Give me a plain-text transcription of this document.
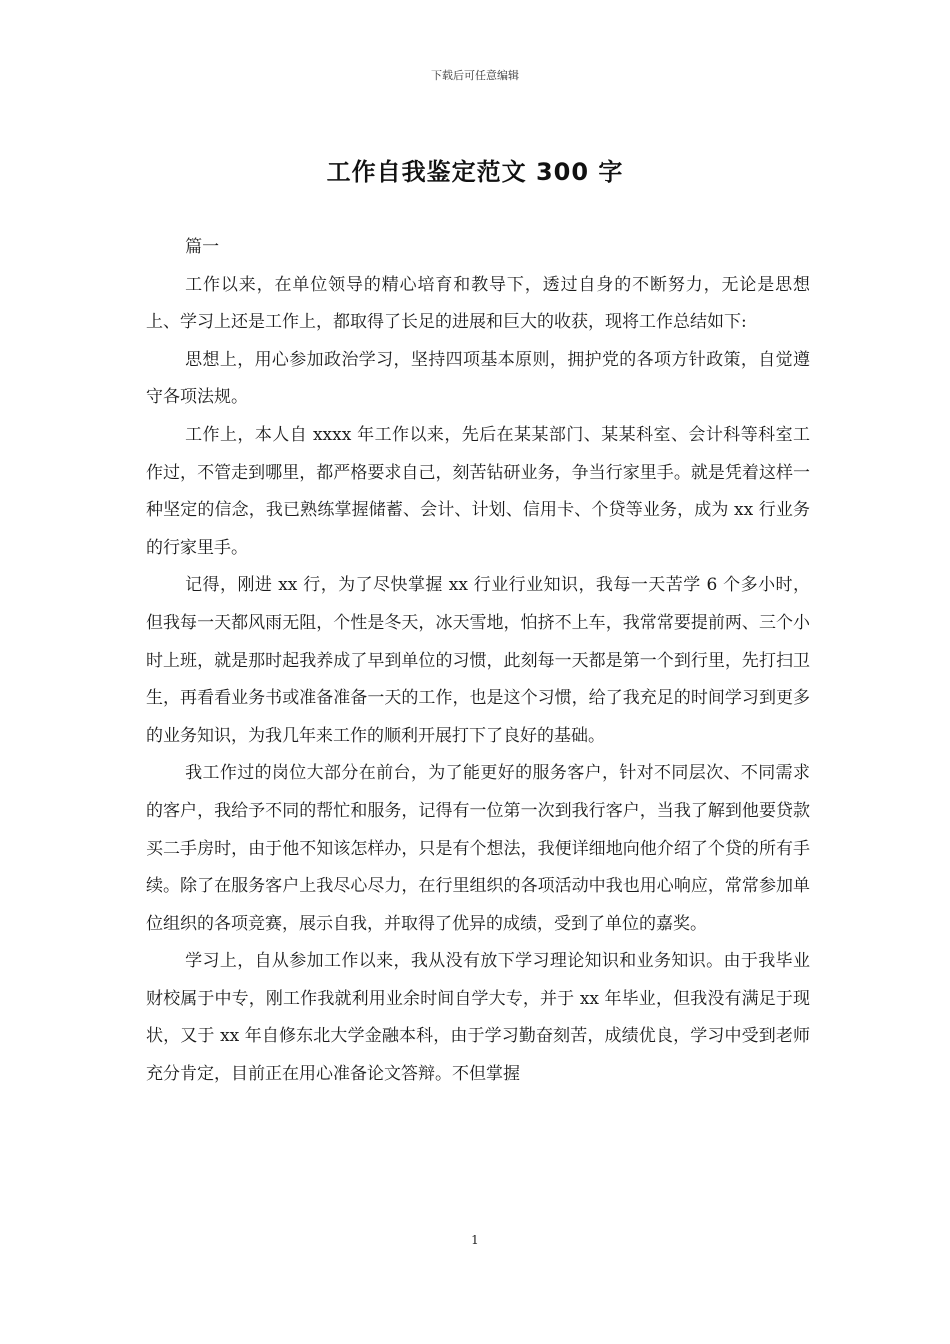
下载后可任意编辑
工作自我鉴定范文 300 字

篇一

工作以来，在单位领导的精心培育和教导下，透过自身的不断努力，无论是思想上、学习上还是工作上，都取得了长足的进展和巨大的收获，现将工作总结如下:

思想上，用心参加政治学习，坚持四项基本原则，拥护党的各项方针政策，自觉遵守各项法规。

工作上，本人自 xxxx 年工作以来，先后在某某部门、某某科室、会计科等科室工作过，不管走到哪里，都严格要求自己，刻苦钻研业务，争当行家里手。就是凭着这样一种坚定的信念，我已熟练掌握储蓄、会计、计划、信用卡、个贷等业务，成为 xx 行业务的行家里手。

记得，刚进 xx 行，为了尽快掌握 xx 行业行业知识，我每一天苦学 6 个多小时，但我每一天都风雨无阻，个性是冬天，冰天雪地，怕挤不上车，我常常要提前两、三个小时上班，就是那时起我养成了早到单位的习惯，此刻每一天都是第一个到行里，先打扫卫生，再看看业务书或准备准备一天的工作，也是这个习惯，给了我充足的时间学习到更多的业务知识，为我几年来工作的顺利开展打下了良好的基础。

我工作过的岗位大部分在前台，为了能更好的服务客户，针对不同层次、不同需求的客户，我给予不同的帮忙和服务，记得有一位第一次到我行客户，当我了解到他要贷款买二手房时，由于他不知该怎样办，只是有个想法，我便详细地向他介绍了个贷的所有手续。除了在服务客户上我尽心尽力，在行里组织的各项活动中我也用心响应，常常参加单位组织的各项竞赛，展示自我，并取得了优异的成绩，受到了单位的嘉奖。

学习上，自从参加工作以来，我从没有放下学习理论知识和业务知识。由于我毕业财校属于中专，刚工作我就利用业余时间自学大专，并于 xx 年毕业，但我没有满足于现状，又于 xx 年自修东北大学金融本科，由于学习勤奋刻苦，成绩优良，学习中受到老师充分肯定，目前正在用心准备论文答辩。不但掌握

1
